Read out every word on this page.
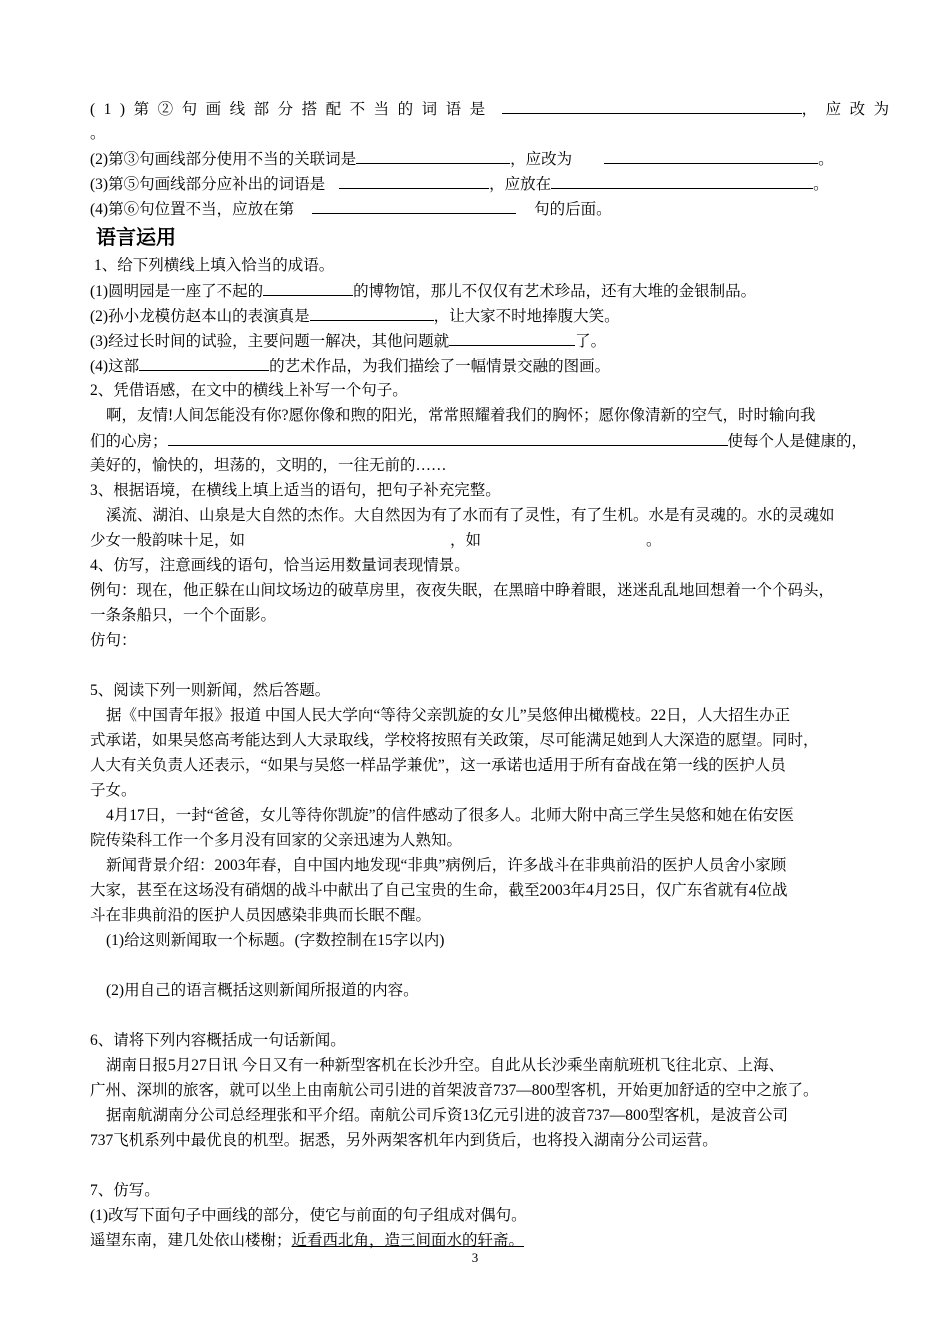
(1)第②句画线部分搭配不当的词语是	，应改为
。
(2)第③句画线部分使用不当的关联词是	，应改为	。
(3)第⑤句画线部分应补出的词语是	，应放在	。
(4)第⑥句位置不当，应放在第	句的后面。
语言运用
1、给下列横线上填入恰当的成语。
(1)圆明园是一座了不起的	的博物馆，那儿不仅仅有艺术珍品，还有大堆的金银制品。
(2)孙小龙模仿赵本山的表演真是	，让大家不时地捧腹大笑。
(3)经过长时间的试验，主要问题一解决，其他问题就	了。
(4)这部	的艺术作品，为我们描绘了一幅情景交融的图画。
2、凭借语感，在文中的横线上补写一个句子。
啊，友情!人间怎能没有你?愿你像和煦的阳光，常常照耀着我们的胸怀；愿你像清新的空气，时时输向我
们的心房；	使每个人是健康的，
美好的，愉快的，坦荡的，文明的，一往无前的……
3、根据语境，在横线上填上适当的语句，把句子补充完整。
溪流、湖泊、山泉是大自然的杰作。大自然因为有了水而有了灵性，有了生机。水是有灵魂的。水的灵魂如
少女一般韵味十足，如	，如	。
4、仿写，注意画线的语句，恰当运用数量词表现情景。
例句：现在，他正躲在山间坟场边的破草房里，夜夜失眠，在黑暗中睁着眼，迷迷乱乱地回想着一个个码头，
一条条船只，一个个面影。
仿句：
5、阅读下列一则新闻，然后答题。
据《中国青年报》报道 中国人民大学向“等待父亲凯旋的女儿”吴悠伸出橄榄枝。22日，人大招生办正
式承诺，如果吴悠高考能达到人大录取线，学校将按照有关政策，尽可能满足她到人大深造的愿望。同时，
人大有关负责人还表示，“如果与吴悠一样品学兼优”，这一承诺也适用于所有奋战在第一线的医护人员
子女。
4月17日，一封“爸爸，女儿等待你凯旋”的信件感动了很多人。北师大附中高三学生吴悠和她在佑安医
院传染科工作一个多月没有回家的父亲迅速为人熟知。
新闻背景介绍：2003年春，自中国内地发现“非典”病例后，许多战斗在非典前沿的医护人员舍小家顾
大家，甚至在这场没有硝烟的战斗中献出了自己宝贵的生命，截至2003年4月25日，仅广东省就有4位战
斗在非典前沿的医护人员因感染非典而长眠不醒。
(1)给这则新闻取一个标题。(字数控制在15字以内)
(2)用自己的语言概括这则新闻所报道的内容。
6、请将下列内容概括成一句话新闻。
湖南日报5月27日讯 今日又有一种新型客机在长沙升空。自此从长沙乘坐南航班机飞往北京、上海、
广州、深圳的旅客，就可以坐上由南航公司引进的首架波音737—800型客机，开始更加舒适的空中之旅了。
据南航湖南分公司总经理张和平介绍。南航公司斥资13亿元引进的波音737—800型客机，是波音公司
737飞机系列中最优良的机型。据悉，另外两架客机年内到货后，也将投入湖南分公司运营。
7、仿写。
(1)改写下面句子中画线的部分，使它与前面的句子组成对偶句。
遥望东南，建几处依山楼榭；近看西北角，造三间面水的轩斋。
3
